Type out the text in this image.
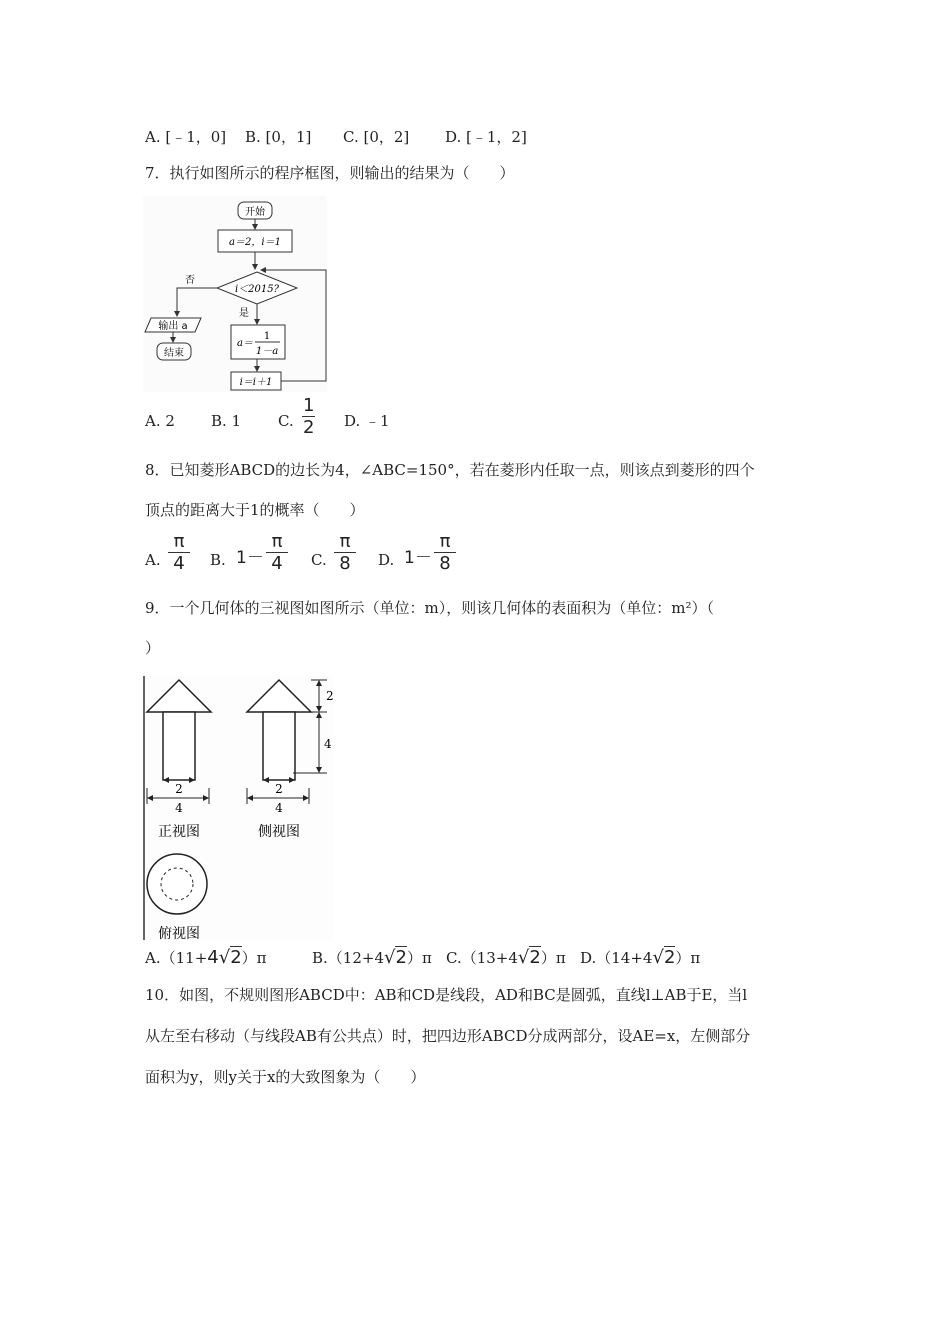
A. [﹣1，0] B. [0，1] C. [0，2] D. [﹣1，2]
7．执行如图所示的程序框图，则输出的结果为（　　）
开始
a＝2，i＝1
i＜2015?
否
输出 a
结束
是
a＝
1
1－a
i＝i＋1
A. 2 B. 1 C. $\frac{1}{2} D$. ﹣1
8．已知菱形ABCD的边长为4，∠ABC=150°，若在菱形内任取一点，则该点到菱形的四个
顶点的距离大于1的概率（　　）
A. $\frac{\pi}{4} B$. $1- \frac{\pi}{4} C$. $\frac{\pi}{8} D$. $1- \frac{\pi}{8}$
9．一个几何体的三视图如图所示（单位：m），则该几何体的表面积为（单位：m²）（
）
2
4
正视图
2
4
侧视图
2
4
俯视图
A.（11+4√2）π	B.（12+4√2）π C.（13+4√2）π D.（14+4√2）π
10．如图，不规则图形ABCD中：AB和CD是线段，AD和BC是圆弧，直线l⊥AB于E，当l
从左至右移动（与线段AB有公共点）时，把四边形ABCD分成两部分，设AE=x，左侧部分
面积为y，则y关于x的大致图象为（　　）
